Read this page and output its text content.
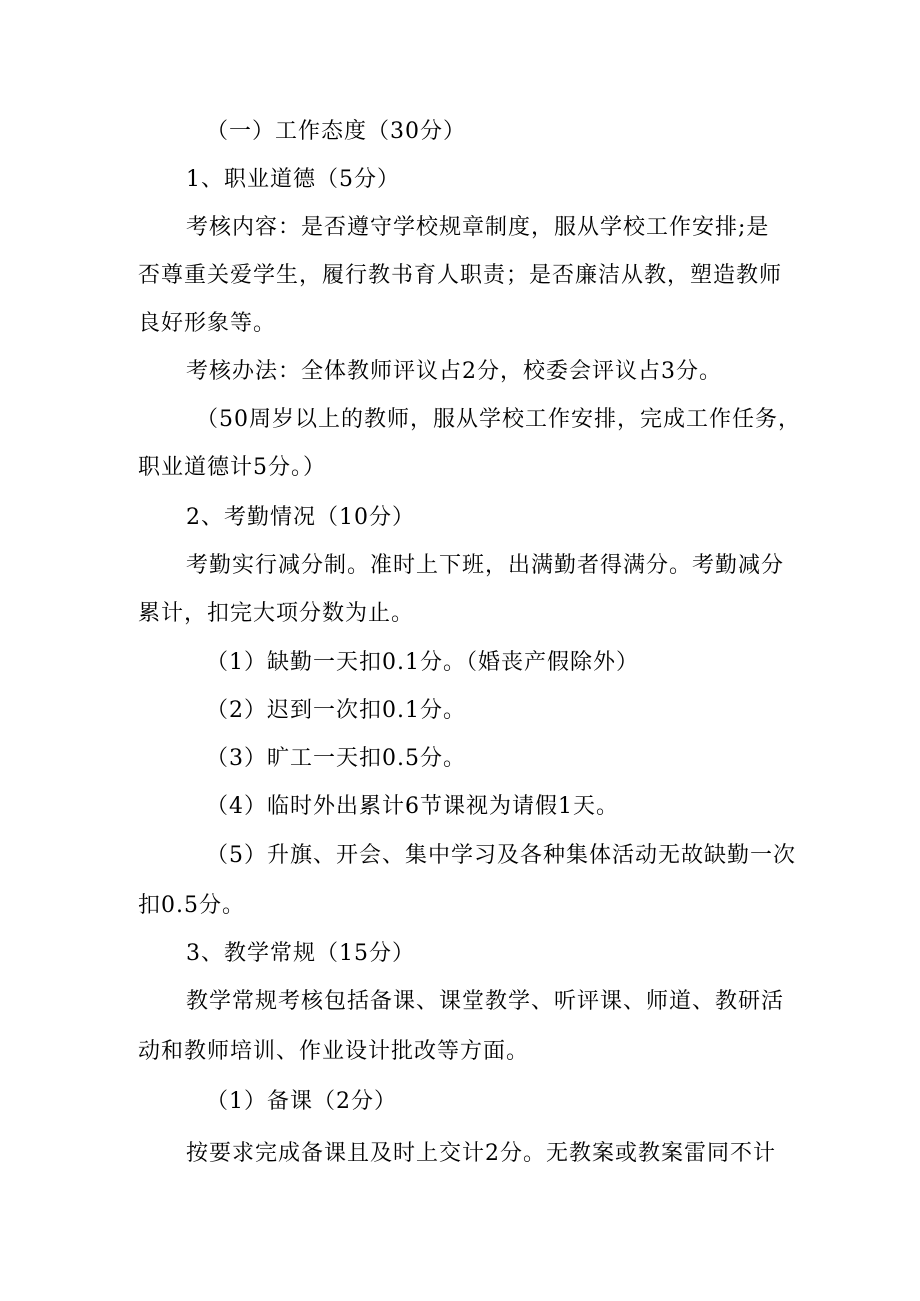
（一）工作态度（30分）
1、职业道德（5分）
考核内容：是否遵守学校规章制度，服从学校工作安排;是
否尊重关爱学生，履行教书育人职责；是否廉洁从教，塑造教师
良好形象等。
考核办法：全体教师评议占2分，校委会评议占3分。
（50周岁以上的教师，服从学校工作安排，完成工作任务，
职业道德计5分。）
2、考勤情况（10分）
考勤实行减分制。准时上下班，出满勤者得满分。考勤减分
累计，扣完大项分数为止。
（1）缺勤一天扣0.1分。（婚丧产假除外）
（2）迟到一次扣0.1分。
（3）旷工一天扣0.5分。
（4）临时外出累计6节课视为请假1天。
（5）升旗、开会、集中学习及各种集体活动无故缺勤一次
扣0.5分。
3、教学常规（15分）
教学常规考核包括备课、课堂教学、听评课、师道、教研活
动和教师培训、作业设计批改等方面。
（1）备课（2分）
按要求完成备课且及时上交计2分。无教案或教案雷同不计
